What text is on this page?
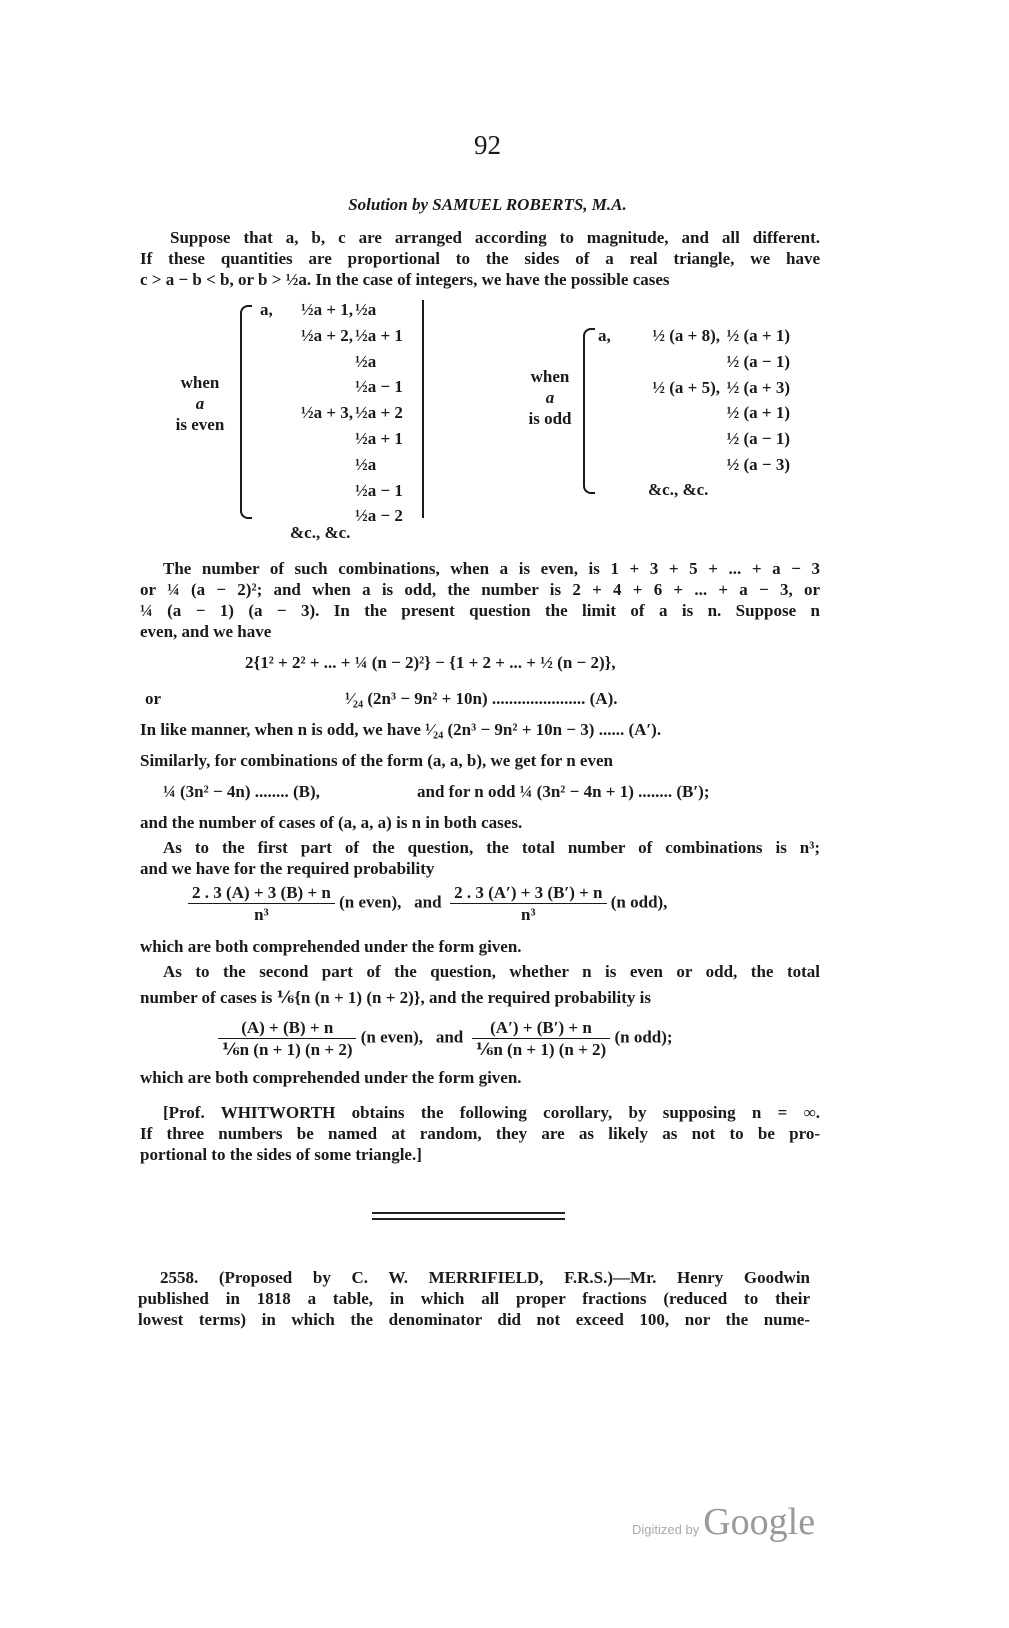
92
Solution by SAMUEL ROBERTS, M.A.
Suppose that a, b, c are arranged according to magnitude, and all different.
If these quantities are proportional to the sides of a real triangle, we have
c > a − b < b, or b > ½a. In the case of integers, we have the possible cases
when
a
is even
a,	½a + 1, ½a
½a + 2, ½a + 1
½a
½a − 1
½a + 3, ½a + 2
½a + 1
½a
½a − 1
½a − 2
&c., &c.
when
a
is odd
a,	½ (a + 8), ½ (a + 1)
½ (a − 1)
½ (a + 5), ½ (a + 3)
½ (a + 1)
½ (a − 1)
½ (a − 3)
&c., &c.
The number of such combinations, when a is even, is 1 + 3 + 5 + ... + a − 3
or ¼ (a − 2)²; and when a is odd, the number is 2 + 4 + 6 + ... + a − 3, or
¼ (a − 1) (a − 3). In the present question the limit of a is n. Suppose n
even, and we have
2{1² + 2² + ... + ¼ (n − 2)²} − {1 + 2 + ... + ½ (n − 2)},
or	¹⁄₂₄ (2n³ − 9n² + 10n) ...................... (A).
In like manner, when n is odd, we have ¹⁄₂₄ (2n³ − 9n² + 10n − 3) ...... (A′).
Similarly, for combinations of the form (a, a, b), we get for n even
¼ (3n² − 4n) ........ (B),	and for n odd ¼ (3n² − 4n + 1) ........ (B′);
and the number of cases of (a, a, a) is n in both cases.
As to the first part of the question, the total number of combinations is n³;
and we have for the required probability
$\frac{2 . 3 (A) + 3 (B) + n}{\text{n³}} (n$ even), and $\frac{2 . 3 (A') + 3 (B') + n}{\text{n³}} (n$ odd),
which are both comprehended under the form given.
As to the second part of the question, whether n is even or odd, the total
number of cases is ⅙{n (n + 1) (n + 2)}, and the required probability is
$\frac{(A) + (B) + n}{\text{⅙n (n + 1) (n + 2)}} (n$ even), and $\frac{(A') + (B') + n}{\text{⅙n (n + 1) (n + 2)}} (n$ odd);
which are both comprehended under the form given.
[Prof. WHITWORTH obtains the following corollary, by supposing n = ∞.
If three numbers be named at random, they are as likely as not to be pro-
portional to the sides of some triangle.]
2558. (Proposed by C. W. MERRIFIELD, F.R.S.)—Mr. Henry Goodwin
published in 1818 a table, in which all proper fractions (reduced to their
lowest terms) in which the denominator did not exceed 100, nor the nume-
Digitized by Google
